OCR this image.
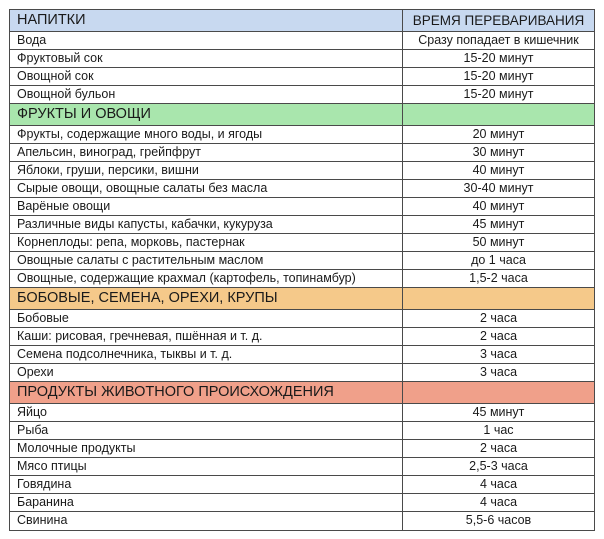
НАПИТКИ	ВРЕМЯ ПЕРЕВАРИВАНИЯ
Вода	Сразу попадает в кишечник
Фруктовый сок	15-20 минут
Овощной сок	15-20 минут
Овощной бульон	15-20 минут
ФРУКТЫ И ОВОЩИ
Фрукты, содержащие много воды, и ягоды	20 минут
Апельсин, виноград, грейпфрут	30 минут
Яблоки, груши, персики, вишни	40 минут
Сырые овощи, овощные салаты без масла	30-40 минут
Варёные овощи	40 минут
Различные виды капусты, кабачки, кукуруза	45 минут
Корнеплоды: репа, морковь, пастернак	50 минут
Овощные салаты с растительным маслом	до 1 часа
Овощные, содержащие крахмал (картофель, топинамбур)	1,5-2 часа
БОБОВЫЕ, СЕМЕНА, ОРЕХИ, КРУПЫ
Бобовые	2 часа
Каши: рисовая, гречневая, пшённая и т. д.	2 часа
Семена подсолнечника, тыквы и т. д.	3 часа
Орехи	3 часа
ПРОДУКТЫ ЖИВОТНОГО ПРОИСХОЖДЕНИЯ
Яйцо	45 минут
Рыба	1 час
Молочные продукты	2 часа
Мясо птицы	2,5-3 часа
Говядина	4 часа
Баранина	4 часа
Свинина	5,5-6 часов
